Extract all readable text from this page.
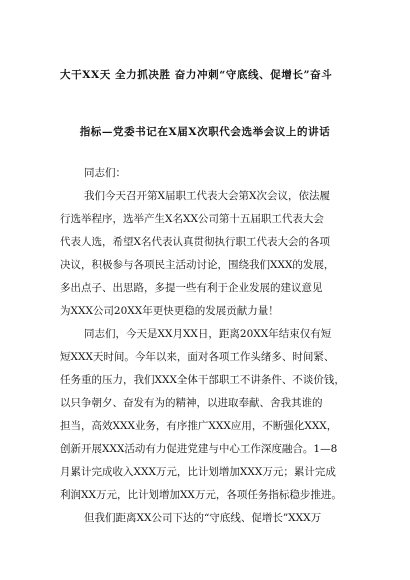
大干XX天 全力抓决胜 奋力冲刺“守底线、促增长”奋斗
指标—党委书记在X届X次职代会选举会议上的讲话
同志们：
我们今天召开第X届职工代表大会第X次会议，依法履
行选举程序，选举产生X名XX公司第十五届职工代表大会
代表人选，希望X名代表认真贯彻执行职工代表大会的各项
决议，积极参与各项民主活动讨论，围绕我们XXX的发展，
多出点子、出思路，多提一些有利于企业发展的建议意见
为XXX公司20XX年更快更稳的发展贡献力量！
同志们，今天是XX月XX日，距离20XX年结束仅有短
短XXX天时间。今年以来，面对各项工作头绪多、时间紧、
任务重的压力，我们XXX全体干部职工不讲条件、不谈价钱，
以只争朝夕、奋发有为的精神，以进取奉献、舍我其谁的
担当，高效XXX业务，有序推广XXX应用，不断强化XXX，
创新开展XXX活动有力促进党建与中心工作深度融合。1—8
月累计完成收入XXX万元，比计划增加XXX万元；累计完成
利润XX万元，比计划增加XX万元，各项任务指标稳步推进。
但我们距离XX公司下达的“守底线、促增长”XXX万
